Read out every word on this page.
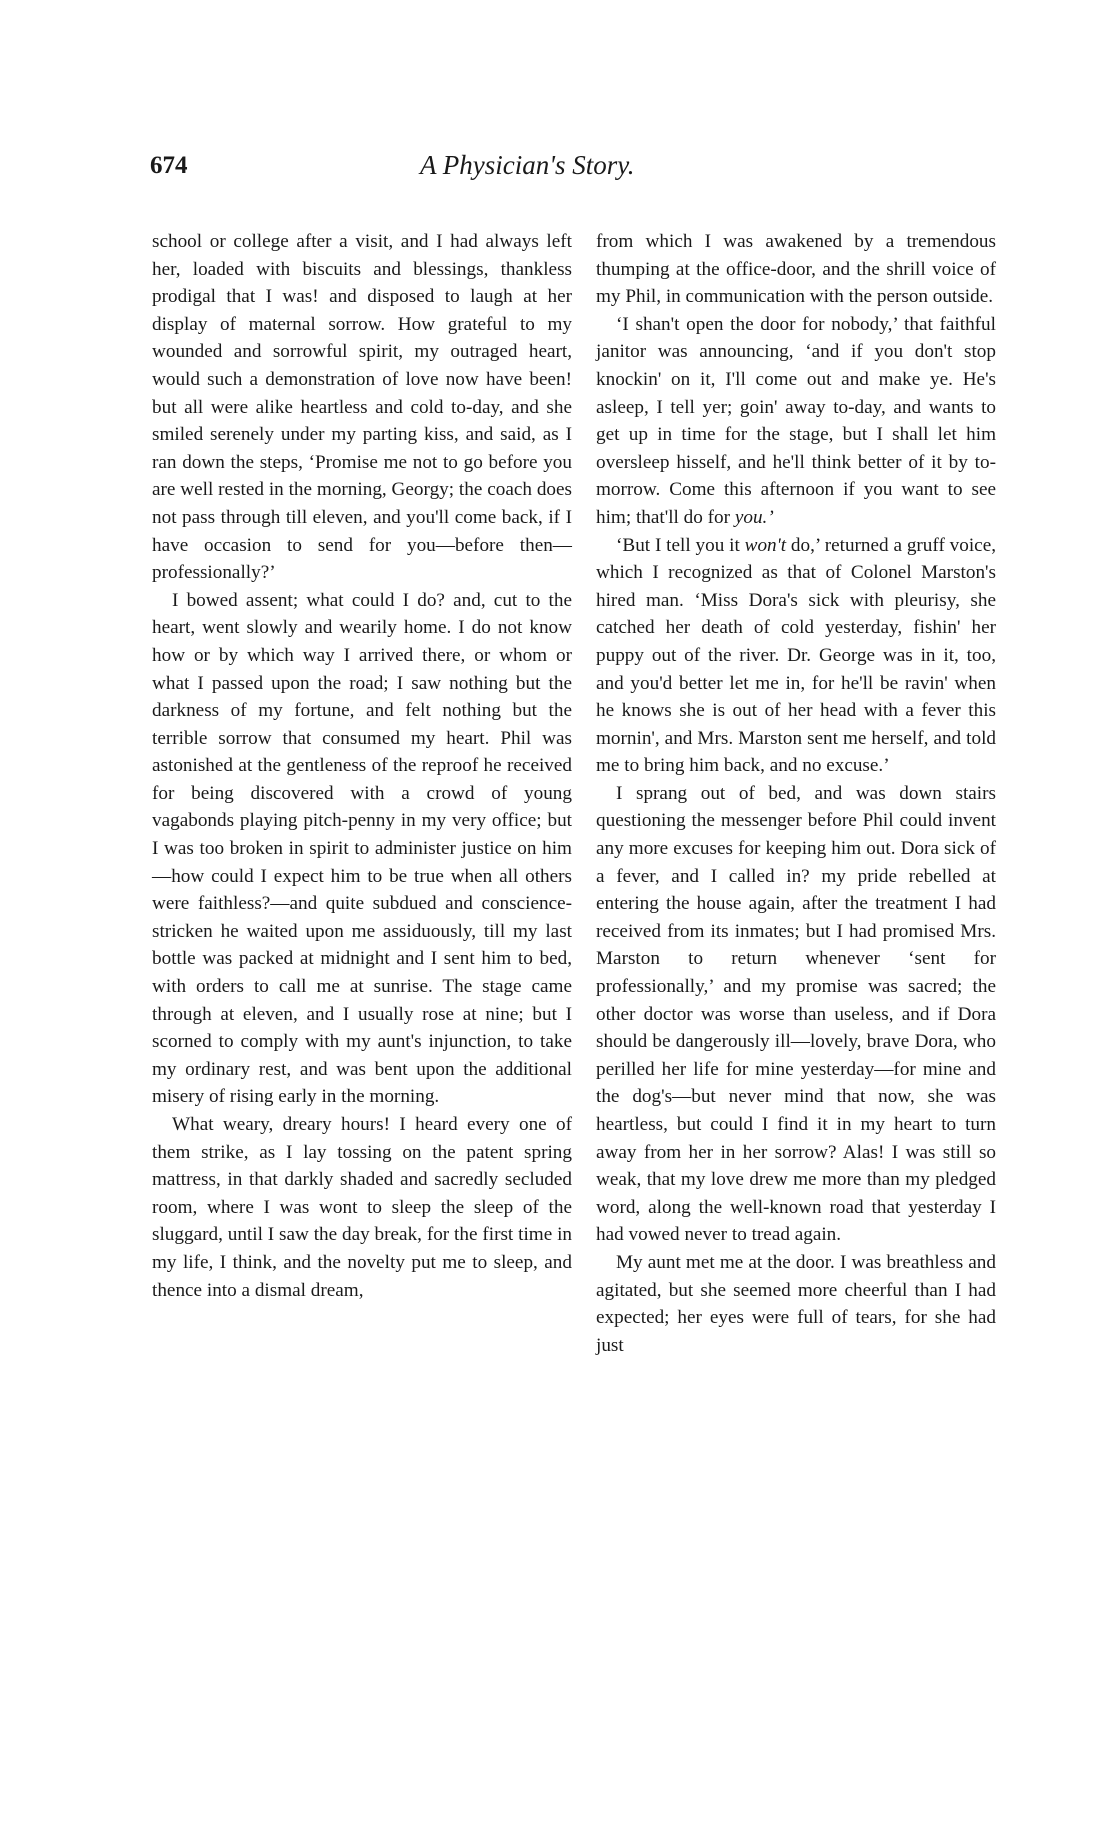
674	A Physician's Story.

school or college after a visit, and I had always left her, loaded with biscuits and blessings, thankless prodigal that I was! and disposed to laugh at her display of maternal sorrow. How grateful to my wounded and sorrowful spirit, my outraged heart, would such a demonstration of love now have been! but all were alike heartless and cold to-day, and she smiled serenely under my parting kiss, and said, as I ran down the steps, ‘Promise me not to go before you are well rested in the morning, Georgy; the coach does not pass through till eleven, and you'll come back, if I have occasion to send for you—before then—professionally?’

I bowed assent; what could I do? and, cut to the heart, went slowly and wearily home. I do not know how or by which way I arrived there, or whom or what I passed upon the road; I saw nothing but the darkness of my fortune, and felt nothing but the terrible sorrow that consumed my heart. Phil was astonished at the gentleness of the reproof he received for being discovered with a crowd of young vagabonds playing pitch-penny in my very office; but I was too broken in spirit to administer justice on him—how could I expect him to be true when all others were faithless?—and quite subdued and conscience-stricken he waited upon me assiduously, till my last bottle was packed at midnight and I sent him to bed, with orders to call me at sunrise. The stage came through at eleven, and I usually rose at nine; but I scorned to comply with my aunt's injunction, to take my ordinary rest, and was bent upon the additional misery of rising early in the morning.

What weary, dreary hours! I heard every one of them strike, as I lay tossing on the patent spring mattress, in that darkly shaded and sacredly secluded room, where I was wont to sleep the sleep of the sluggard, until I saw the day break, for the first time in my life, I think, and the novelty put me to sleep, and thence into a dismal dream,

from which I was awakened by a tremendous thumping at the office-door, and the shrill voice of my Phil, in communication with the person outside.

‘I shan't open the door for nobody,’ that faithful janitor was announcing, ‘and if you don't stop knockin' on it, I'll come out and make ye. He's asleep, I tell yer; goin' away to-day, and wants to get up in time for the stage, but I shall let him oversleep hisself, and he'll think better of it by to-morrow. Come this afternoon if you want to see him; that'll do for you.’

‘But I tell you it won't do,’ returned a gruff voice, which I recognized as that of Colonel Marston's hired man. ‘Miss Dora's sick with pleurisy, she catched her death of cold yesterday, fishin' her puppy out of the river. Dr. George was in it, too, and you'd better let me in, for he'll be ravin' when he knows she is out of her head with a fever this mornin', and Mrs. Marston sent me herself, and told me to bring him back, and no excuse.’

I sprang out of bed, and was down stairs questioning the messenger before Phil could invent any more excuses for keeping him out. Dora sick of a fever, and I called in? my pride rebelled at entering the house again, after the treatment I had received from its inmates; but I had promised Mrs. Marston to return whenever ‘sent for professionally,’ and my promise was sacred; the other doctor was worse than useless, and if Dora should be dangerously ill—lovely, brave Dora, who perilled her life for mine yesterday—for mine and the dog's—but never mind that now, she was heartless, but could I find it in my heart to turn away from her in her sorrow? Alas! I was still so weak, that my love drew me more than my pledged word, along the well-known road that yesterday I had vowed never to tread again.

My aunt met me at the door. I was breathless and agitated, but she seemed more cheerful than I had expected; her eyes were full of tears, for she had just
